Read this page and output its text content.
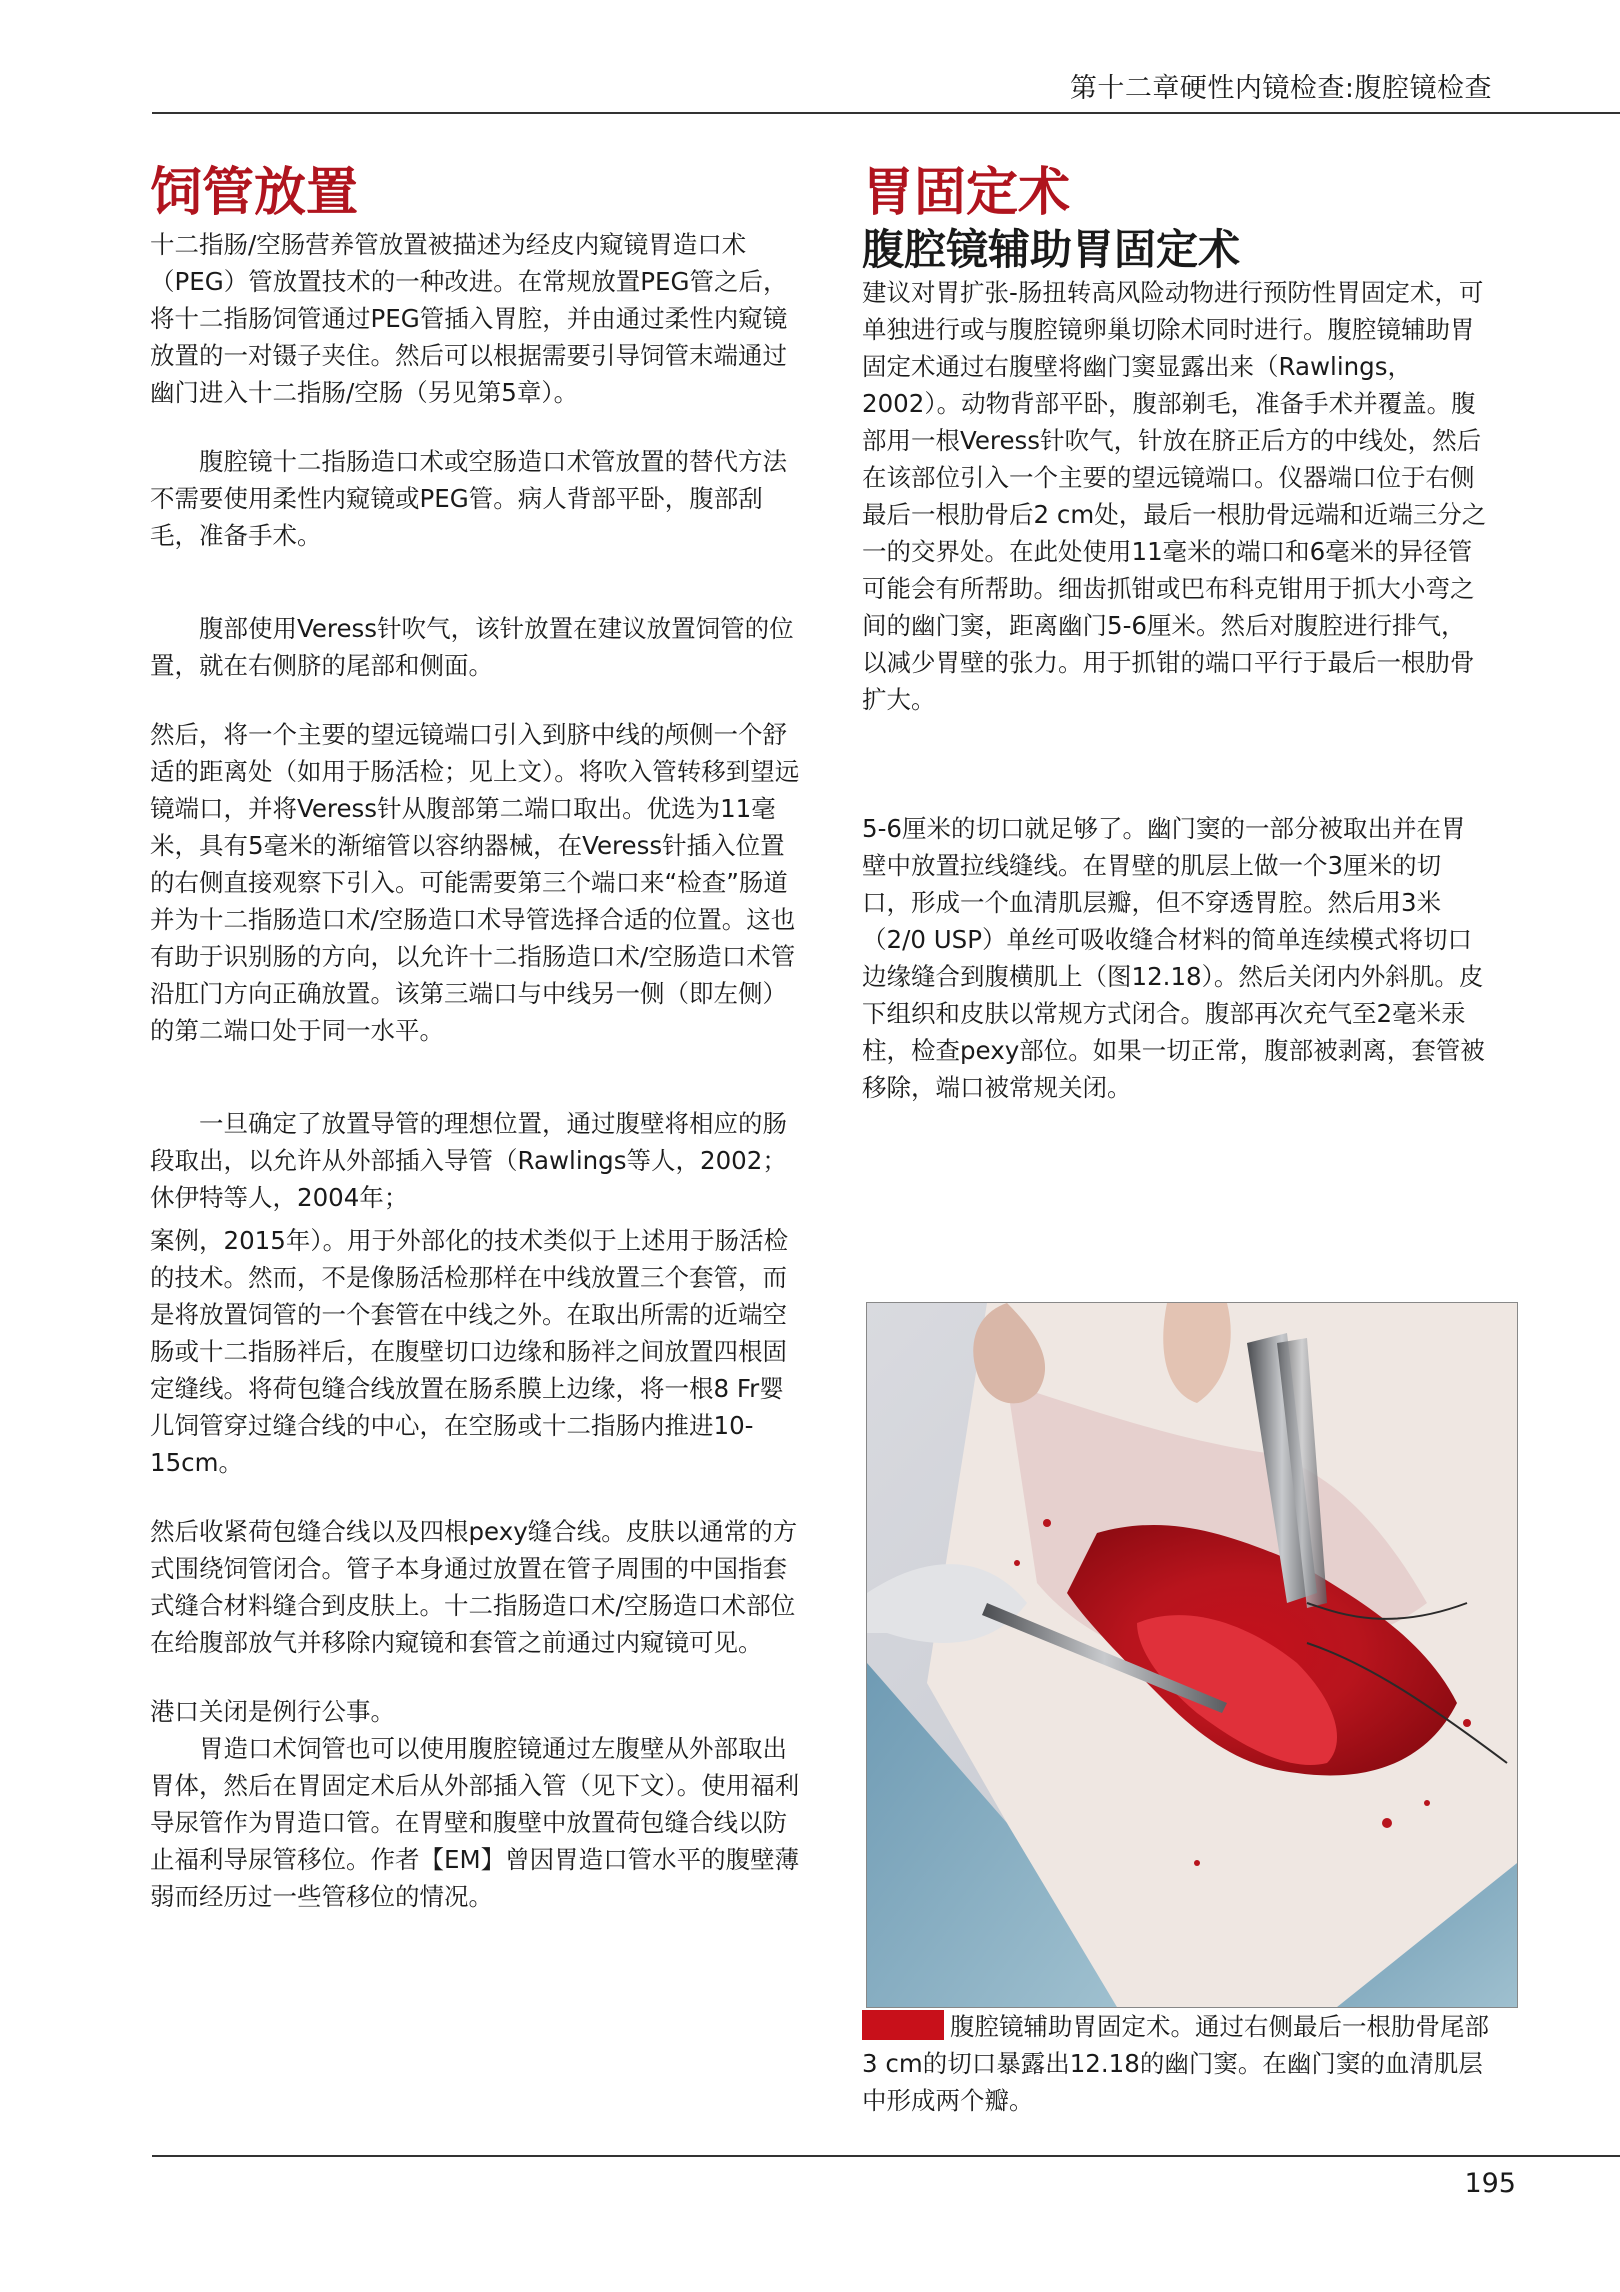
第十二章硬性内镜检查:腹腔镜检查
饲管放置

十二指肠/空肠营养管放置被描述为经皮内窥镜胃造口术（PEG）管放置技术的一种改进。在常规放置PEG管之后，将十二指肠饲管通过PEG管插入胃腔，并由通过柔性内窥镜放置的一对镊子夹住。然后可以根据需要引导饲管末端通过幽门进入十二指肠/空肠（另见第5章）。

腹腔镜十二指肠造口术或空肠造口术管放置的替代方法不需要使用柔性内窥镜或PEG管。病人背部平卧，腹部刮毛，准备手术。

腹部使用Veress针吹气，该针放置在建议放置饲管的位置，就在右侧脐的尾部和侧面。

然后，将一个主要的望远镜端口引入到脐中线的颅侧一个舒适的距离处（如用于肠活检；见上文）。将吹入管转移到望远镜端口，并将Veress针从腹部第二端口取出。优选为11毫米，具有5毫米的渐缩管以容纳器械，在Veress针插入位置的右侧直接观察下引入。可能需要第三个端口来“检查”肠道并为十二指肠造口术/空肠造口术导管选择合适的位置。这也有助于识别肠的方向，以允许十二指肠造口术/空肠造口术管沿肛门方向正确放置。该第三端口与中线另一侧（即左侧）的第二端口处于同一水平。

一旦确定了放置导管的理想位置，通过腹壁将相应的肠段取出，以允许从外部插入导管（Rawlings等人，2002；休伊特等人，2004年；

案例，2015年）。用于外部化的技术类似于上述用于肠活检的技术。然而，不是像肠活检那样在中线放置三个套管，而是将放置饲管的一个套管在中线之外。在取出所需的近端空肠或十二指肠袢后，在腹壁切口边缘和肠袢之间放置四根固定缝线。将荷包缝合线放置在肠系膜上边缘，将一根8 Fr婴儿饲管穿过缝合线的中心，在空肠或十二指肠内推进10-15cm。

然后收紧荷包缝合线以及四根pexy缝合线。皮肤以通常的方式围绕饲管闭合。管子本身通过放置在管子周围的中国指套式缝合材料缝合到皮肤上。十二指肠造口术/空肠造口术部位在给腹部放气并移除内窥镜和套管之前通过内窥镜可见。

港口关闭是例行公事。

胃造口术饲管也可以使用腹腔镜通过左腹壁从外部取出胃体，然后在胃固定术后从外部插入管（见下文）。使用福利导尿管作为胃造口管。在胃壁和腹壁中放置荷包缝合线以防止福利导尿管移位。作者【EM】曾因胃造口管水平的腹壁薄弱而经历过一些管移位的情况。

胃固定术
腹腔镜辅助胃固定术

建议对胃扩张-肠扭转高风险动物进行预防性胃固定术，可单独进行或与腹腔镜卵巢切除术同时进行。腹腔镜辅助胃固定术通过右腹壁将幽门窦显露出来（Rawlings，2002）。动物背部平卧，腹部剃毛，准备手术并覆盖。腹部用一根Veress针吹气，针放在脐正后方的中线处，然后在该部位引入一个主要的望远镜端口。仪器端口位于右侧最后一根肋骨后2 cm处，最后一根肋骨远端和近端三分之一的交界处。在此处使用11毫米的端口和6毫米的异径管可能会有所帮助。细齿抓钳或巴布科克钳用于抓大小弯之间的幽门窦，距离幽门5-6厘米。然后对腹腔进行排气，以减少胃壁的张力。用于抓钳的端口平行于最后一根肋骨扩大。

5-6厘米的切口就足够了。幽门窦的一部分被取出并在胃壁中放置拉线缝线。在胃壁的肌层上做一个3厘米的切口，形成一个血清肌层瓣，但不穿透胃腔。然后用3米（2/0 USP）单丝可吸收缝合材料的简单连续模式将切口边缘缝合到腹横肌上（图12.18）。然后关闭内外斜肌。皮下组织和皮肤以常规方式闭合。腹部再次充气至2毫米汞柱，检查pexy部位。如果一切正常，腹部被剥离，套管被移除，端口被常规关闭。

腹腔镜辅助胃固定术。通过右侧最后一根肋骨尾部3 cm的切口暴露出12.18的幽门窦。在幽门窦的血清肌层中形成两个瓣。
195
